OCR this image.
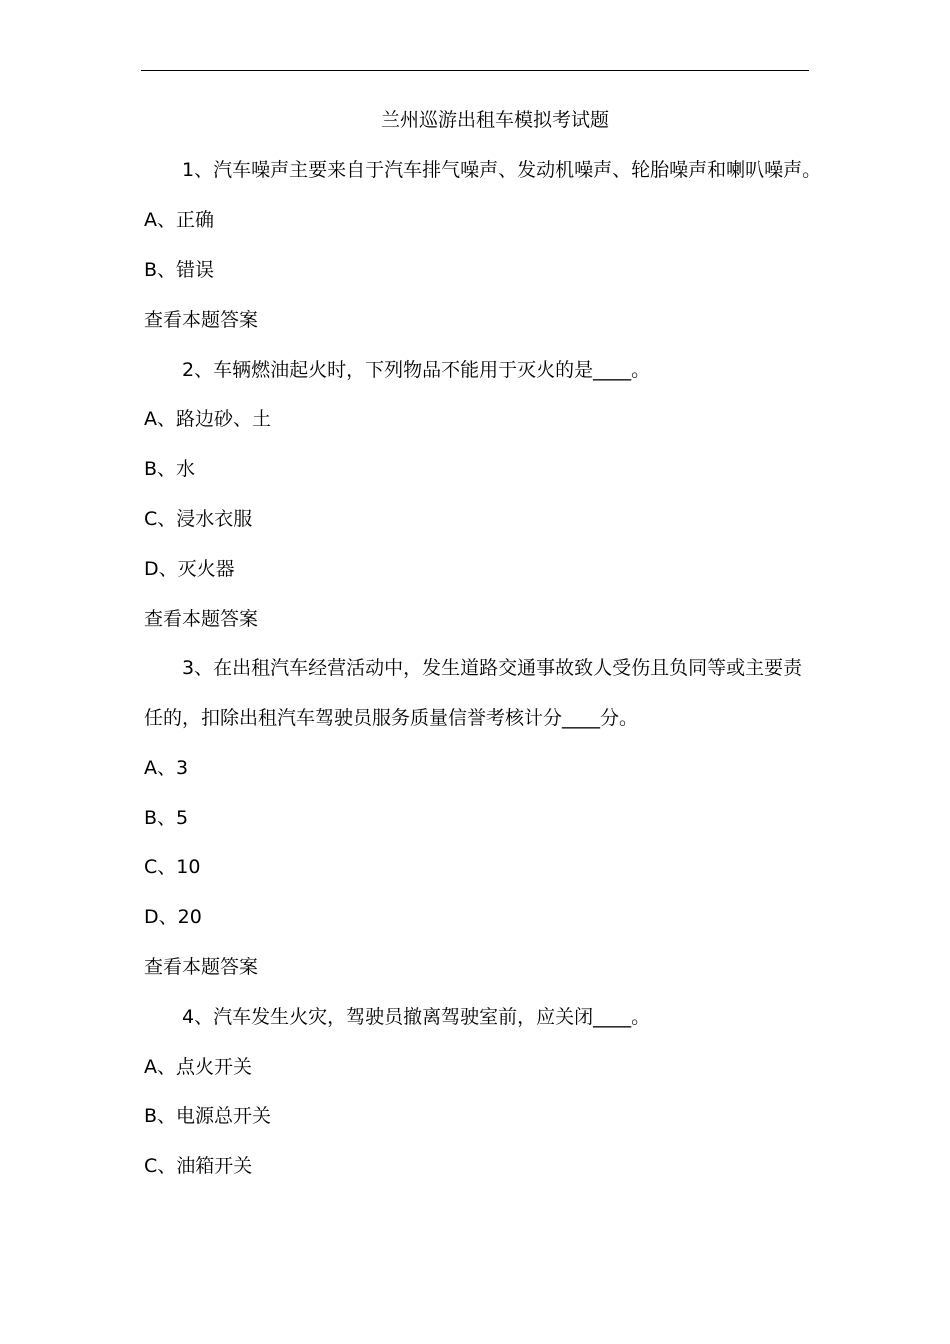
兰州巡游出租车模拟考试题
1、汽车噪声主要来自于汽车排气噪声、发动机噪声、轮胎噪声和喇叭噪声。
A、正确
B、错误
查看本题答案
2、车辆燃油起火时，下列物品不能用于灭火的是____。
A、路边砂、土
B、水
C、浸水衣服
D、灭火器
查看本题答案
3、在出租汽车经营活动中，发生道路交通事故致人受伤且负同等或主要责
任的，扣除出租汽车驾驶员服务质量信誉考核计分____分。
A、3
B、5
C、10
D、20
查看本题答案
4、汽车发生火灾，驾驶员撤离驾驶室前，应关闭____。
A、点火开关
B、电源总开关
C、油箱开关
